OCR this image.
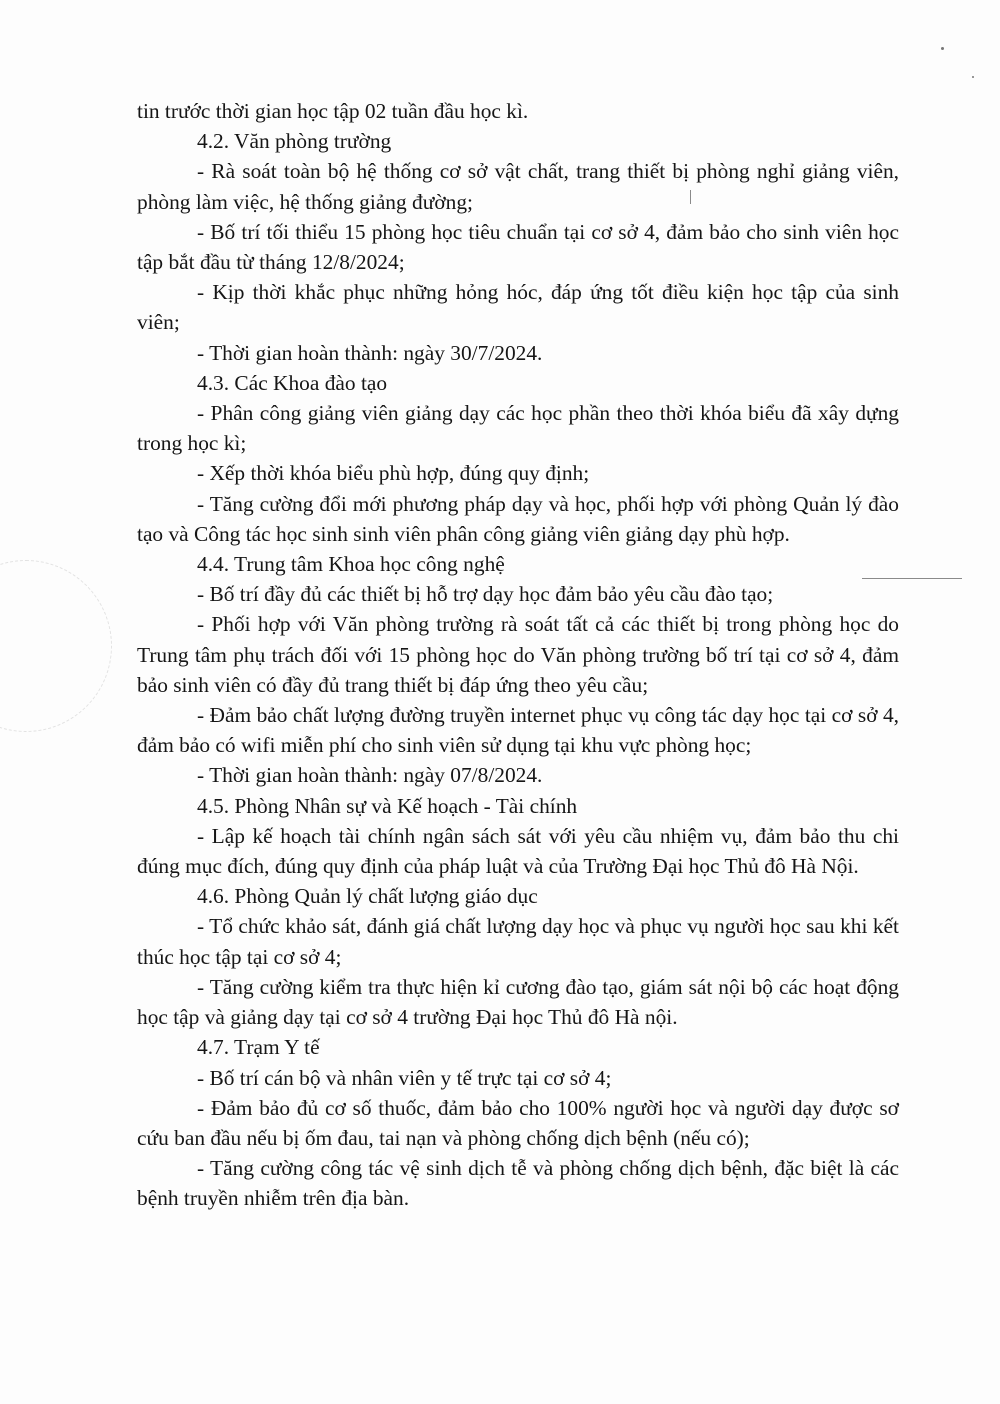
tin trước thời gian học tập 02 tuần đầu học kì.

4.2. Văn phòng trường

- Rà soát toàn bộ hệ thống cơ sở vật chất, trang thiết bị phòng nghỉ giảng viên, phòng làm việc, hệ thống giảng đường;

- Bố trí tối thiểu 15 phòng học tiêu chuẩn tại cơ sở 4, đảm bảo cho sinh viên học tập bắt đầu từ tháng 12/8/2024;

- Kịp thời khắc phục những hỏng hóc, đáp ứng tốt điều kiện học tập của sinh viên;

- Thời gian hoàn thành: ngày 30/7/2024.

4.3. Các Khoa đào tạo

- Phân công giảng viên giảng dạy các học phần theo thời khóa biểu đã xây dựng trong học kì;

- Xếp thời khóa biểu phù hợp, đúng quy định;

- Tăng cường đổi mới phương pháp dạy và học, phối hợp với phòng Quản lý đào tạo và Công tác học sinh sinh viên phân công giảng viên giảng dạy phù hợp.

4.4. Trung tâm Khoa học công nghệ

- Bố trí đầy đủ các thiết bị hỗ trợ dạy học đảm bảo yêu cầu đào tạo;

- Phối hợp với Văn phòng trường rà soát tất cả các thiết bị trong phòng học do Trung tâm phụ trách đối với 15 phòng học do Văn phòng trường bố trí tại cơ sở 4, đảm bảo sinh viên có đầy đủ trang thiết bị đáp ứng theo yêu cầu;

- Đảm bảo chất lượng đường truyền internet phục vụ công tác dạy học tại cơ sở 4, đảm bảo có wifi miễn phí cho sinh viên sử dụng tại khu vực phòng học;

- Thời gian hoàn thành: ngày 07/8/2024.

4.5. Phòng Nhân sự và Kế hoạch - Tài chính

- Lập kế hoạch tài chính ngân sách sát với yêu cầu nhiệm vụ, đảm bảo thu chi đúng mục đích, đúng quy định của pháp luật và của Trường Đại học Thủ đô Hà Nội.

4.6. Phòng Quản lý chất lượng giáo dục

- Tổ chức khảo sát, đánh giá chất lượng dạy học và phục vụ người học sau khi kết thúc học tập tại cơ sở 4;

- Tăng cường kiểm tra thực hiện kỉ cương đào tạo, giám sát nội bộ các hoạt động học tập và giảng dạy tại cơ sở 4 trường Đại học Thủ đô Hà nội.

4.7. Trạm Y tế

- Bố trí cán bộ và nhân viên y tế trực tại cơ sở 4;

- Đảm bảo đủ cơ số thuốc, đảm bảo cho 100% người học và người dạy được sơ cứu ban đầu nếu bị ốm đau, tai nạn và phòng chống dịch bệnh (nếu có);

- Tăng cường công tác vệ sinh dịch tễ và phòng chống dịch bệnh, đặc biệt là các bệnh truyền nhiễm trên địa bàn.
